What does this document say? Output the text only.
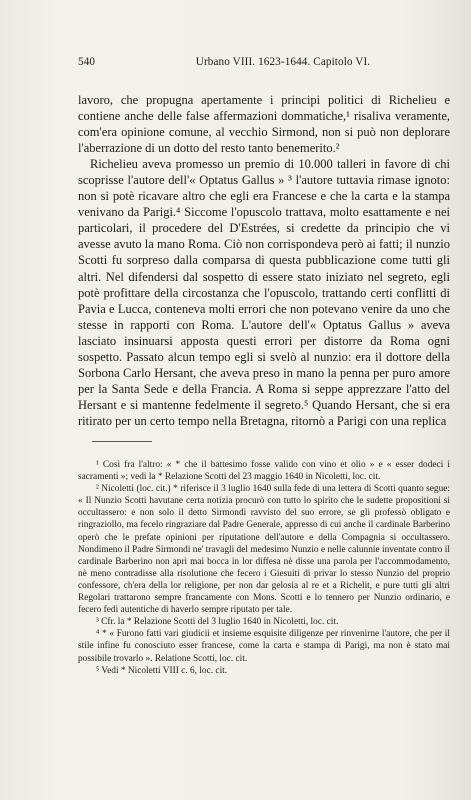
540	Urbano VIII. 1623-1644. Capitolo VI.

lavoro, che propugna apertamente i principi politici di Richelieu e contiene anche delle false affermazioni dommatiche,¹ risaliva veramente, com'era opinione comune, al vecchio Sirmond, non si può non deplorare l'aberrazione di un dotto del resto tanto benemerito.²

Richelieu aveva promesso un premio di 10.000 talleri in favore di chi scoprisse l'autore dell'« Optatus Gallus » ³ l'autore tuttavia rimase ignoto: non si potè ricavare altro che egli era Francese e che la carta e la stampa venivano da Parigi.⁴ Siccome l'opuscolo trattava, molto esattamente e nei particolari, il procedere del D'Estrées, si credette da principio che vi avesse avuto la mano Roma. Ciò non corrispondeva però ai fatti; il nunzio Scotti fu sorpreso dalla comparsa di questa pubblicazione come tutti gli altri. Nel difendersi dal sospetto di essere stato iniziato nel segreto, egli potè profittare della circostanza che l'opuscolo, trattando certi conflitti di Pavia e Lucca, conteneva molti errori che non potevano venire da uno che stesse in rapporti con Roma. L'autore dell'« Optatus Gallus » aveva lasciato insinuarsi apposta questi errori per distorre da Roma ogni sospetto. Passato alcun tempo egli si svelò al nunzio: era il dottore della Sorbona Carlo Hersant, che aveva preso in mano la penna per puro amore per la Santa Sede e della Francia. A Roma si seppe apprezzare l'atto del Hersant e si mantenne fedelmente il segreto.⁵ Quando Hersant, che si era ritirato per un certo tempo nella Bretagna, ritornò a Parigi con una replica

¹ Così fra l'altro: « * che il battesimo fosse valido con vino et olio » e « esser dodeci i sacramenti »; vedi la * Relazione Scotti del 23 maggio 1640 in Nicoletti, loc. cit.

² Nicoletti (loc. cit.) * riferisce il 3 luglio 1640 sulla fede di una lettera di Scotti quanto segue: « Il Nunzio Scotti havutane certa notizia procurò con tutto lo spirito che le sudette propositioni si occultassero: e non solo il detto Sirmondi ravvisto del suo errore, se gli professò obligato e ringraziollo, ma fecelo ringraziare dal Padre Generale, appresso di cui anche il cardinale Barberino operò che le prefate opinioni per riputatione dell'autore e della Compagnia si occultassero. Nondimeno il Padre Sirmondi ne' travagli del medesimo Nunzio e nelle calunnie inventate contro il cardinale Barberino non aprì mai bocca in lor diffesa nè disse una parola per l'accommodamento, nè meno contradisse alla risolutione che fecero i Giesuiti di privar lo stesso Nunzio del proprio confessore, ch'era della lor religione, per non dar gelosia al re et a Richelit, e pure tutti gli altri Regolari trattarono sempre francamente con Mons. Scotti e lo tennero per Nunzio ordinario, e fecero fedi autentiche di haverlo sempre riputato per tale.

³ Cfr. la * Relazione Scotti del 3 luglio 1640 in Nicoletti, loc. cit.

⁴ * « Furono fatti vari giudicii et insieme esquisite diligenze per rinvenirne l'autore, che per il stile infine fu conosciuto esser francese, come la carta e stampa di Parigi, ma non è stato mai possibile trovarlo ». Relatione Scotti, loc. cit.

⁵ Vedi * Nicoletti VIII c. 6, loc. cit.
